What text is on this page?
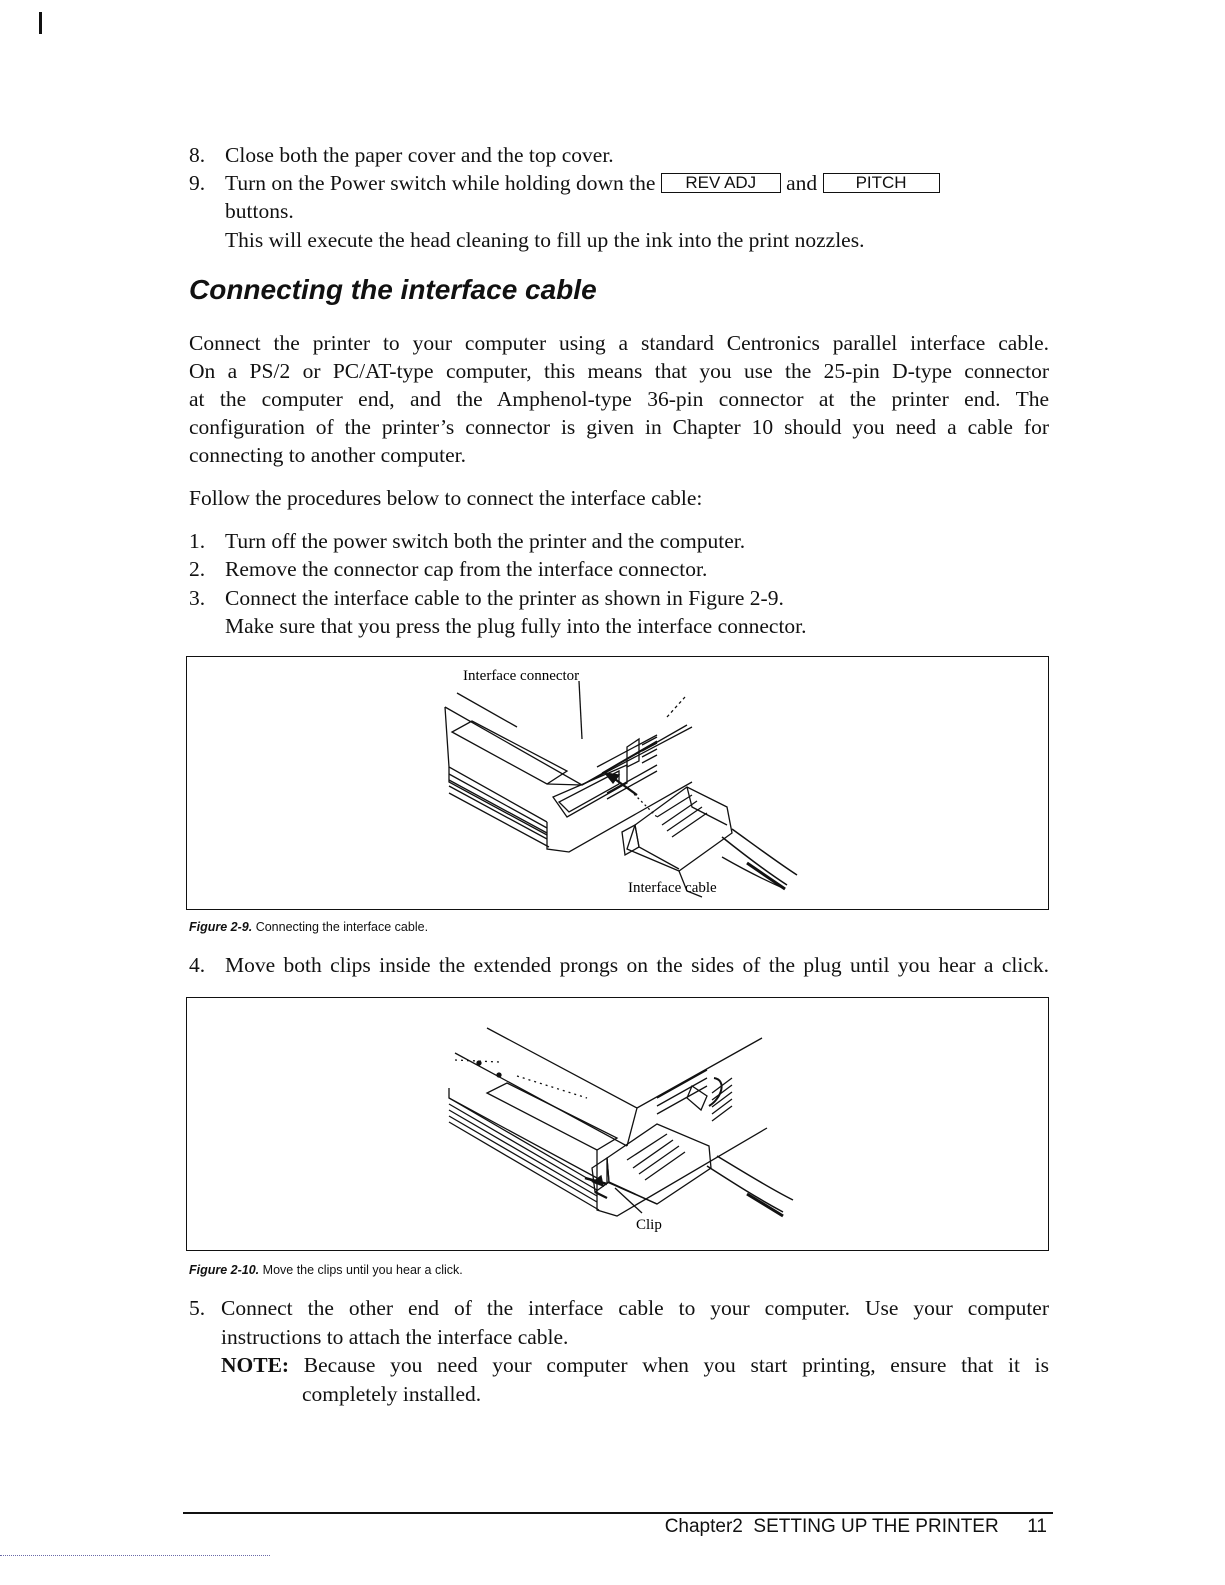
8. Close both the paper cover and the top cover.
9. Turn on the Power switch while holding down the REV ADJ and PITCH
buttons.
This will execute the head cleaning to fill up the ink into the print nozzles.
Connecting the interface cable
Connect the printer to your computer using a standard Centronics parallel interface cable.
On a PS/2 or PC/AT-type computer, this means that you use the 25-pin D-type connector
at the computer end, and the Amphenol-type 36-pin connector at the printer end. The
configuration of the printer’s connector is given in Chapter 10 should you need a cable for
connecting to another computer.
Follow the procedures below to connect the interface cable:
1. Turn off the power switch both the printer and the computer.
2. Remove the connector cap from the interface connector.
3. Connect the interface cable to the printer as shown in Figure 2-9.
Make sure that you press the plug fully into the interface connector.
Interface connector
Interface cable
Figure 2-9. Connecting the interface cable.
4. Move both clips inside the extended prongs on the sides of the plug until you hear a click.
Clip
Figure 2-10. Move the clips until you hear a click.
5. Connect the other end of the interface cable to your computer. Use your computer
instructions to attach the interface cable.
NOTE: Because you need your computer when you start printing, ensure that it is
completely installed.
Chapter2  SETTING UP THE PRINTER 11
